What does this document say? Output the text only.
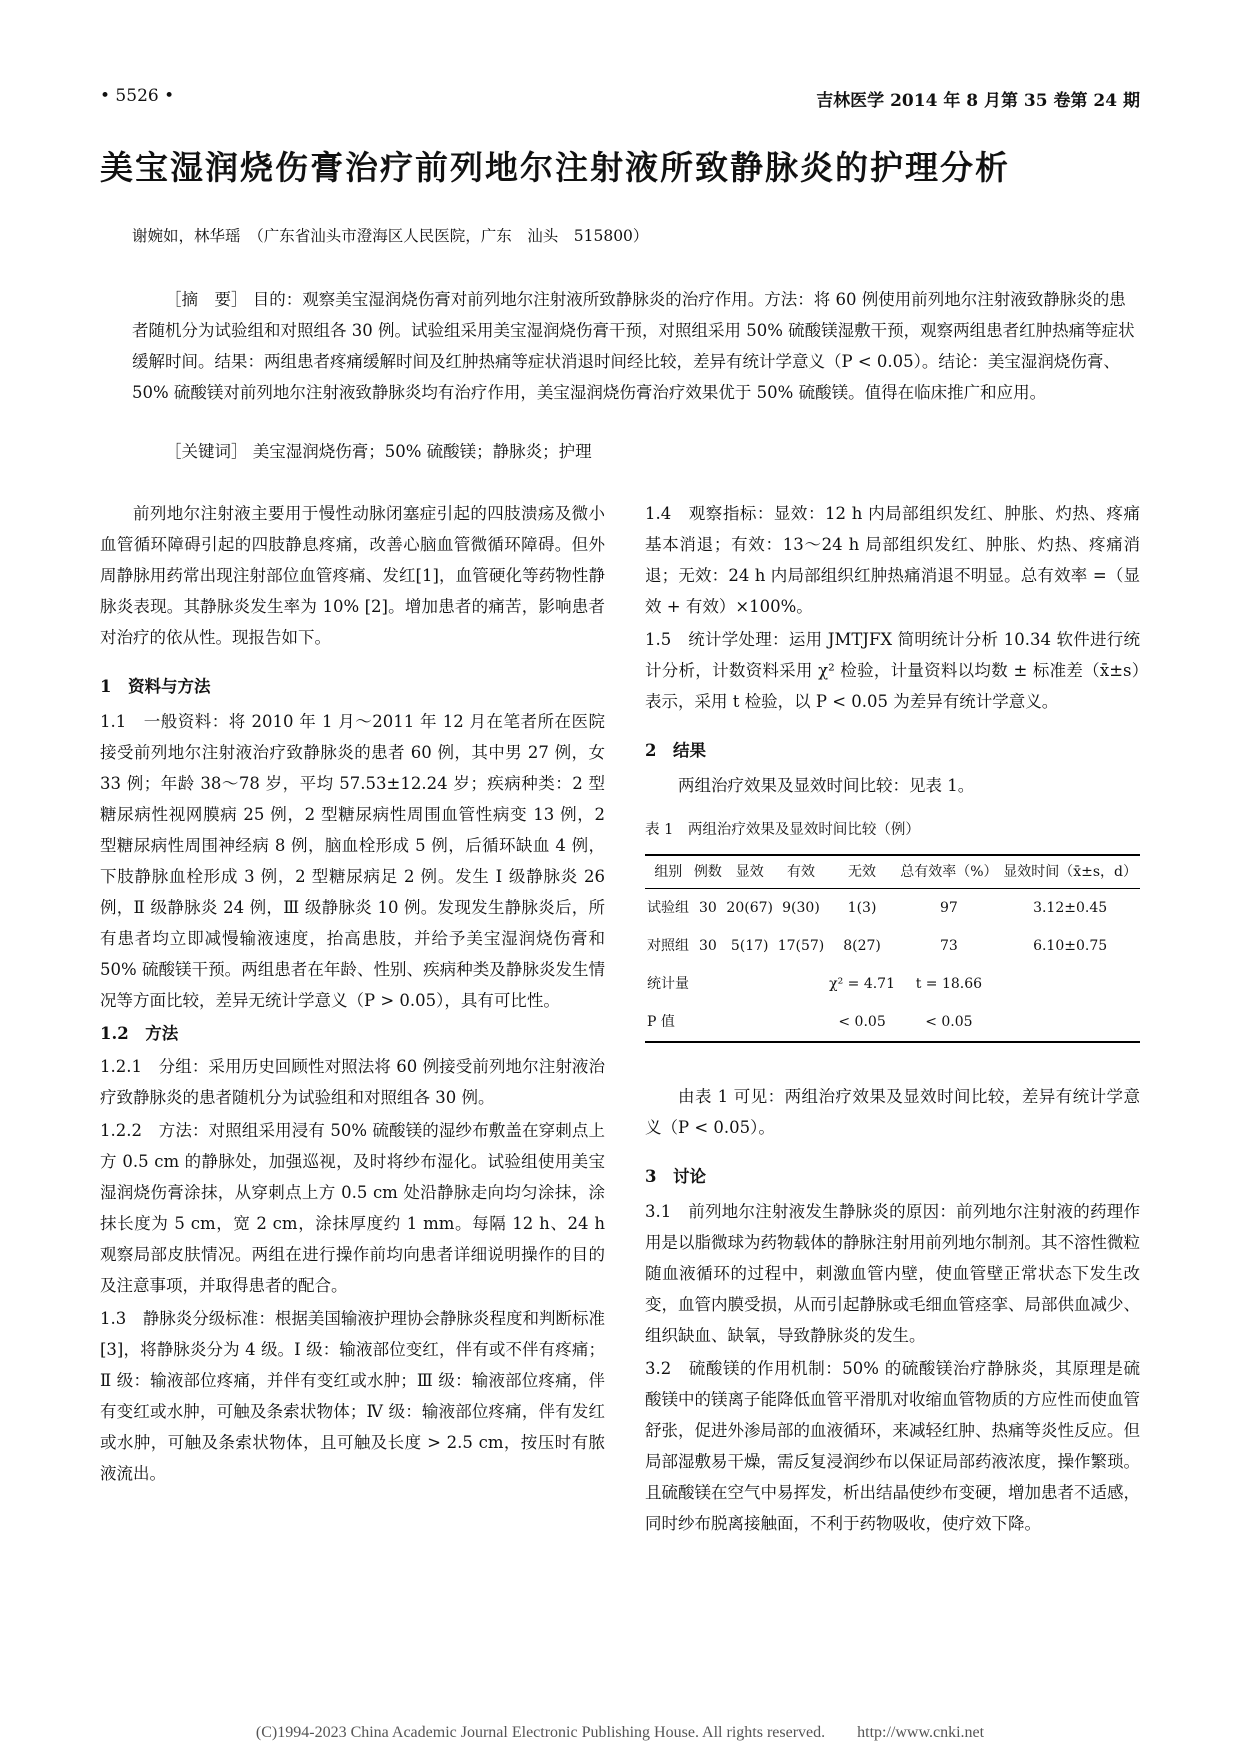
• 5526 •	吉林医学 2014 年 8 月第 35 卷第 24 期
美宝湿润烧伤膏治疗前列地尔注射液所致静脉炎的护理分析
谢婉如，林华瑶　（广东省汕头市澄海区人民医院，广东　汕头　515800）
［摘　要］ 目的：观察美宝湿润烧伤膏对前列地尔注射液所致静脉炎的治疗作用。方法：将 60 例使用前列地尔注射液致静脉炎的患者随机分为试验组和对照组各 30 例。试验组采用美宝湿润烧伤膏干预，对照组采用 50% 硫酸镁湿敷干预，观察两组患者红肿热痛等症状缓解时间。结果：两组患者疼痛缓解时间及红肿热痛等症状消退时间经比较，差异有统计学意义（P < 0.05）。结论：美宝湿润烧伤膏、50% 硫酸镁对前列地尔注射液致静脉炎均有治疗作用，美宝湿润烧伤膏治疗效果优于 50% 硫酸镁。值得在临床推广和应用。
［关键词］ 美宝湿润烧伤膏；50% 硫酸镁；静脉炎；护理

前列地尔注射液主要用于慢性动脉闭塞症引起的四肢溃疡及微小血管循环障碍引起的四肢静息疼痛，改善心脑血管微循环障碍。但外周静脉用药常出现注射部位血管疼痛、发红[1]，血管硬化等药物性静脉炎表现。其静脉炎发生率为 10% [2]。增加患者的痛苦，影响患者对治疗的依从性。现报告如下。

1　资料与方法

1.1　一般资料：将 2010 年 1 月～2011 年 12 月在笔者所在医院接受前列地尔注射液治疗致静脉炎的患者 60 例，其中男 27 例，女 33 例；年龄 38～78 岁，平均 57.53±12.24 岁；疾病种类：2 型糖尿病性视网膜病 25 例，2 型糖尿病性周围血管性病变 13 例，2 型糖尿病性周围神经病 8 例，脑血栓形成 5 例，后循环缺血 4 例，下肢静脉血栓形成 3 例，2 型糖尿病足 2 例。发生 Ⅰ 级静脉炎 26 例，Ⅱ 级静脉炎 24 例，Ⅲ 级静脉炎 10 例。发现发生静脉炎后，所有患者均立即减慢输液速度，抬高患肢，并给予美宝湿润烧伤膏和 50% 硫酸镁干预。两组患者在年龄、性别、疾病种类及静脉炎发生情况等方面比较，差异无统计学意义（P > 0.05），具有可比性。

1.2　方法

1.2.1　分组：采用历史回顾性对照法将 60 例接受前列地尔注射液治疗致静脉炎的患者随机分为试验组和对照组各 30 例。

1.2.2　方法：对照组采用浸有 50% 硫酸镁的湿纱布敷盖在穿刺点上方 0.5 cm 的静脉处，加强巡视，及时将纱布湿化。试验组使用美宝湿润烧伤膏涂抹，从穿刺点上方 0.5 cm 处沿静脉走向均匀涂抹，涂抹长度为 5 cm，宽 2 cm，涂抹厚度约 1 mm。每隔 12 h、24 h 观察局部皮肤情况。两组在进行操作前均向患者详细说明操作的目的及注意事项，并取得患者的配合。

1.3　静脉炎分级标准：根据美国输液护理协会静脉炎程度和判断标准[3]，将静脉炎分为 4 级。Ⅰ 级：输液部位变红，伴有或不伴有疼痛；Ⅱ 级：输液部位疼痛，并伴有变红或水肿；Ⅲ 级：输液部位疼痛，伴有变红或水肿，可触及条索状物体；Ⅳ 级：输液部位疼痛，伴有发红或水肿，可触及条索状物体，且可触及长度 > 2.5 cm，按压时有脓液流出。

1.4　观察指标：显效：12 h 内局部组织发红、肿胀、灼热、疼痛基本消退；有效：13～24 h 局部组织发红、肿胀、灼热、疼痛消退；无效：24 h 内局部组织红肿热痛消退不明显。总有效率 =（显效 + 有效）×100%。

1.5　统计学处理：运用 JMTJFX 简明统计分析 10.34 软件进行统计分析，计数资料采用 χ² 检验，计量资料以均数 ± 标准差（x̄±s）表示，采用 t 检验，以 P < 0.05 为差异有统计学意义。

2　结果

两组治疗效果及显效时间比较：见表 1。

表 1　两组治疗效果及显效时间比较（例）
组别	例数	显效	有效	无效	总有效率（%）	显效时间（x̄±s，d）
试验组	30	20(67)	9(30)	1(3)	97	3.12±0.45
对照组	30	5(17)	17(57)	8(27)	73	6.10±0.75
统计量				χ² = 4.71	t = 18.66	
P 值				< 0.05	< 0.05	

由表 1 可见：两组治疗效果及显效时间比较，差异有统计学意义（P < 0.05）。

3　讨论

3.1　前列地尔注射液发生静脉炎的原因：前列地尔注射液的药理作用是以脂微球为药物载体的静脉注射用前列地尔制剂。其不溶性微粒随血液循环的过程中，刺激血管内壁，使血管壁正常状态下发生改变，血管内膜受损，从而引起静脉或毛细血管痉挛、局部供血减少、组织缺血、缺氧，导致静脉炎的发生。

3.2　硫酸镁的作用机制：50% 的硫酸镁治疗静脉炎，其原理是硫酸镁中的镁离子能降低血管平滑肌对收缩血管物质的方应性而使血管舒张，促进外渗局部的血液循环，来减轻红肿、热痛等炎性反应。但局部湿敷易干燥，需反复浸润纱布以保证局部药液浓度，操作繁琐。且硫酸镁在空气中易挥发，析出结晶使纱布变硬，增加患者不适感，同时纱布脱离接触面，不利于药物吸收，使疗效下降。

(C)1994-2023 China Academic Journal Electronic Publishing House. All rights reserved.　　http://www.cnki.net
